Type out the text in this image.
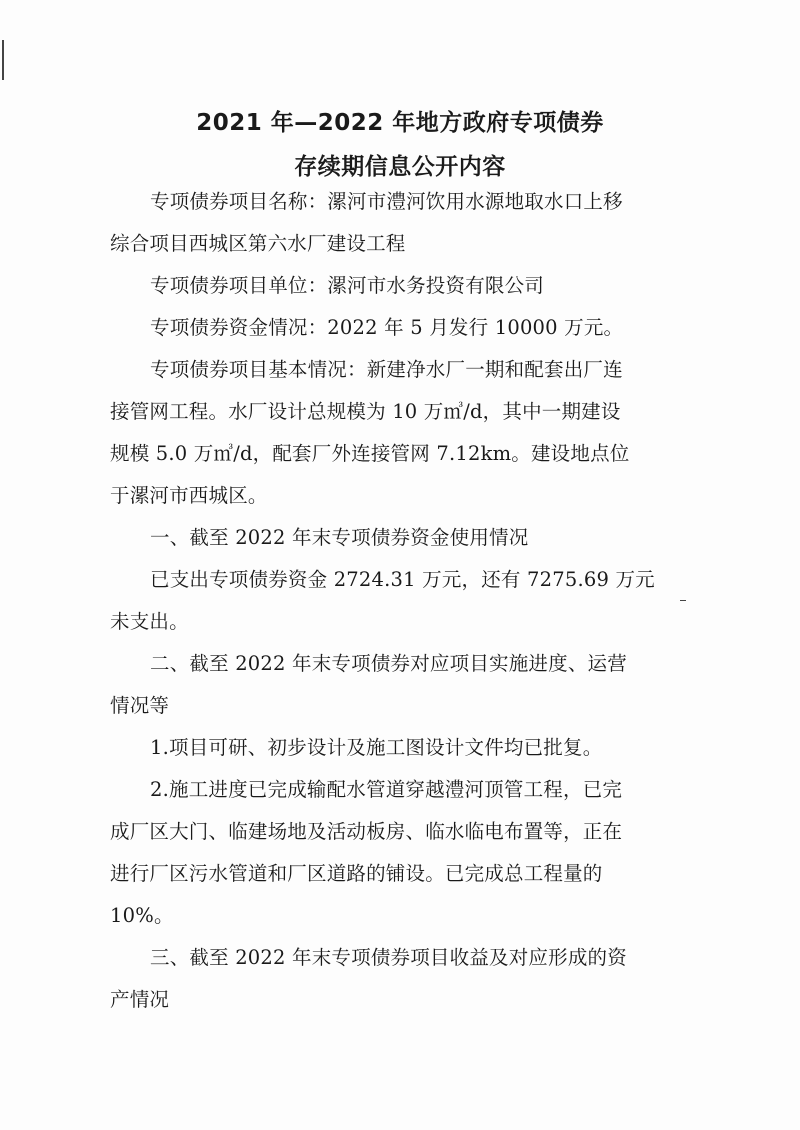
2021 年—2022 年地方政府专项债券
存续期信息公开内容
专项债券项目名称：漯河市澧河饮用水源地取水口上移
综合项目西城区第六水厂建设工程
专项债券项目单位：漯河市水务投资有限公司
专项债券资金情况：2022 年 5 月发行 10000 万元。
专项债券项目基本情况：新建净水厂一期和配套出厂连
接管网工程。水厂设计总规模为 10 万㎥/d，其中一期建设
规模 5.0 万㎥/d，配套厂外连接管网 7.12km。建设地点位
于漯河市西城区。
一、截至 2022 年末专项债券资金使用情况
已支出专项债券资金 2724.31 万元，还有 7275.69 万元
未支出。
二、截至 2022 年末专项债券对应项目实施进度、运营
情况等
1.项目可研、初步设计及施工图设计文件均已批复。
2.施工进度已完成输配水管道穿越澧河顶管工程，已完
成厂区大门、临建场地及活动板房、临水临电布置等，正在
进行厂区污水管道和厂区道路的铺设。已完成总工程量的
10%。
三、截至 2022 年末专项债券项目收益及对应形成的资
产情况
